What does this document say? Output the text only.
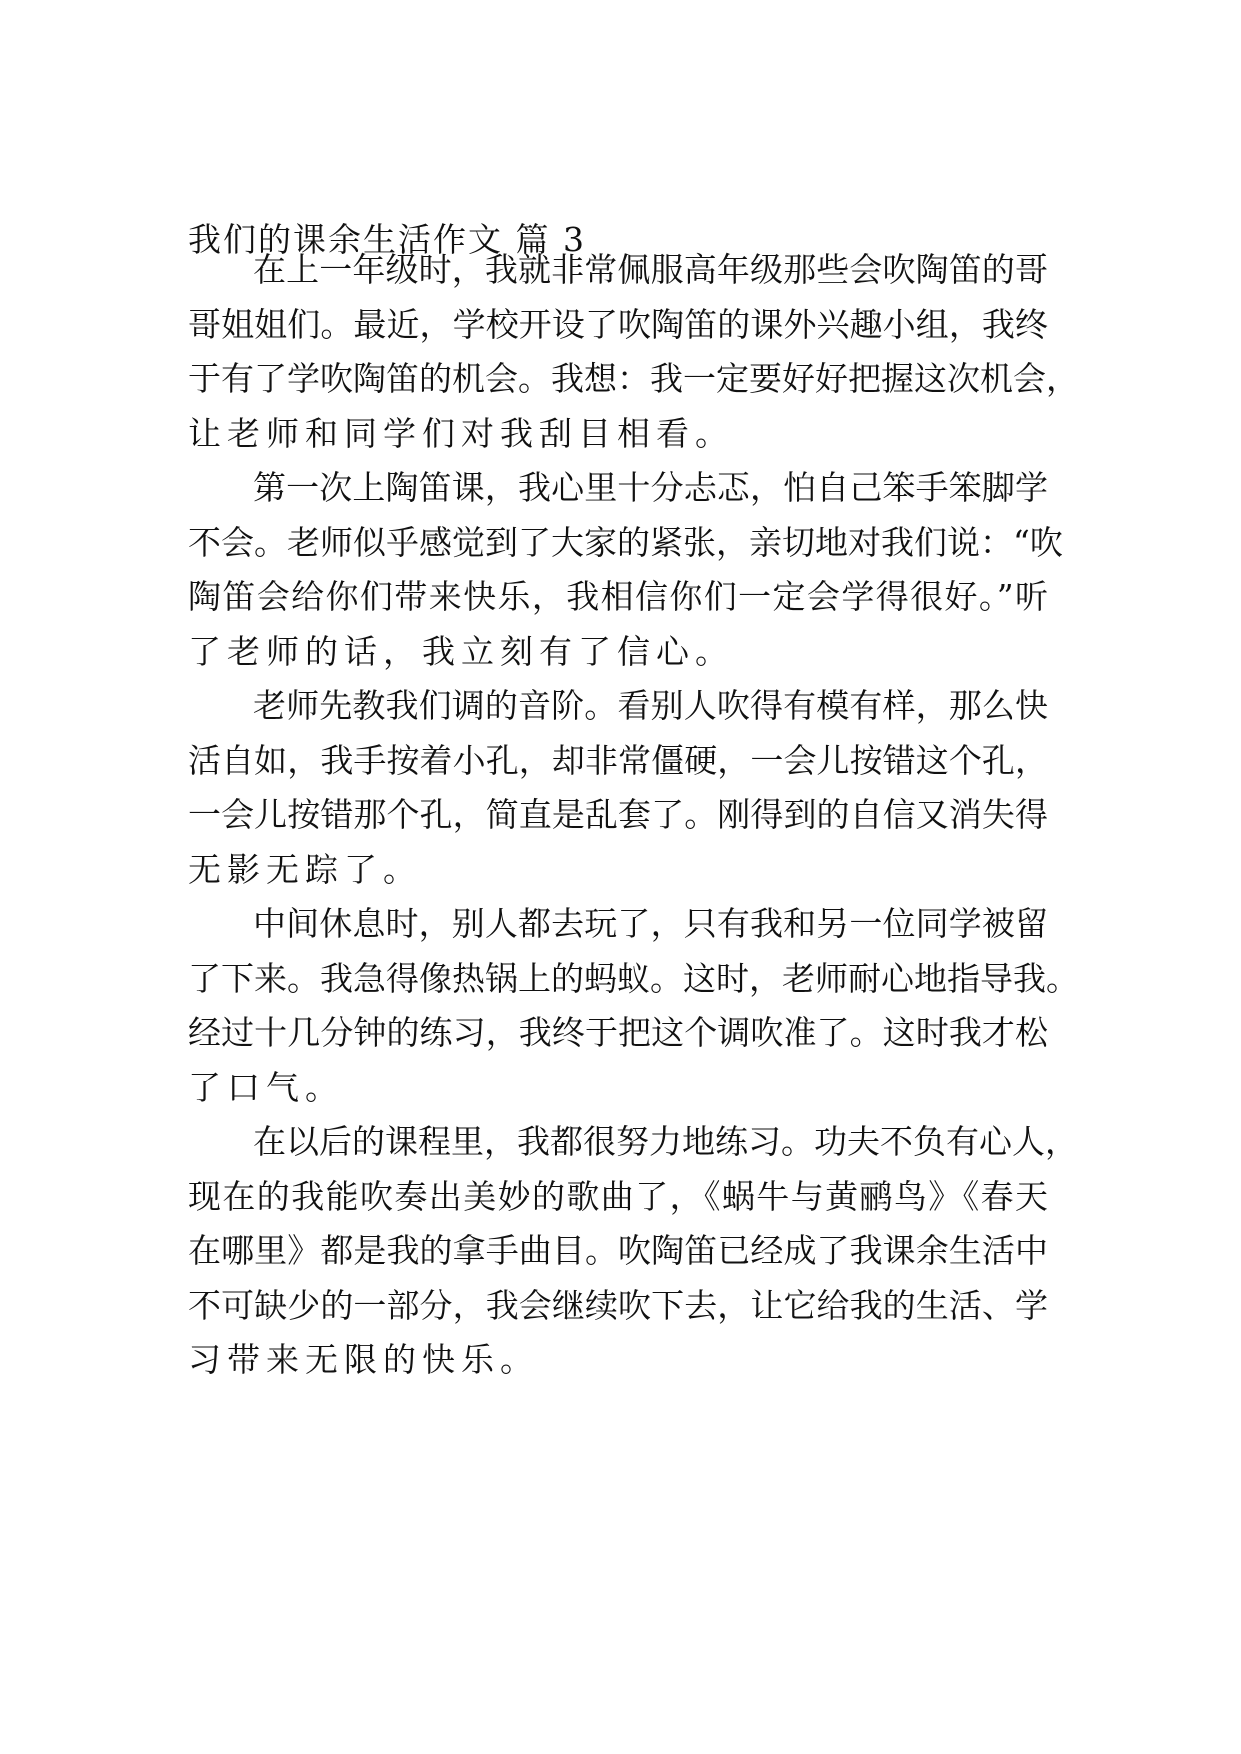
我们的课余生活作文 篇 3
在上一年级时，我就非常佩服高年级那些会吹陶笛的哥
哥姐姐们。最近，学校开设了吹陶笛的课外兴趣小组，我终
于有了学吹陶笛的机会。我想：我一定要好好把握这次机会，
让老师和同学们对我刮目相看。
第一次上陶笛课，我心里十分忐忑，怕自己笨手笨脚学
不会。老师似乎感觉到了大家的紧张，亲切地对我们说：“吹
陶笛会给你们带来快乐，我相信你们一定会学得很好。”听
了老师的话，我立刻有了信心。
老师先教我们调的音阶。看别人吹得有模有样，那么快
活自如，我手按着小孔，却非常僵硬，一会儿按错这个孔，
一会儿按错那个孔，简直是乱套了。刚得到的自信又消失得
无影无踪了。
中间休息时，别人都去玩了，只有我和另一位同学被留
了下来。我急得像热锅上的蚂蚁。这时，老师耐心地指导我。
经过十几分钟的练习，我终于把这个调吹准了。这时我才松
了口气。
在以后的课程里，我都很努力地练习。功夫不负有心人，
现在的我能吹奏出美妙的歌曲了，《蜗牛与黄鹂鸟》《春天
在哪里》都是我的拿手曲目。吹陶笛已经成了我课余生活中
不可缺少的一部分，我会继续吹下去，让它给我的生活、学
习带来无限的快乐。
